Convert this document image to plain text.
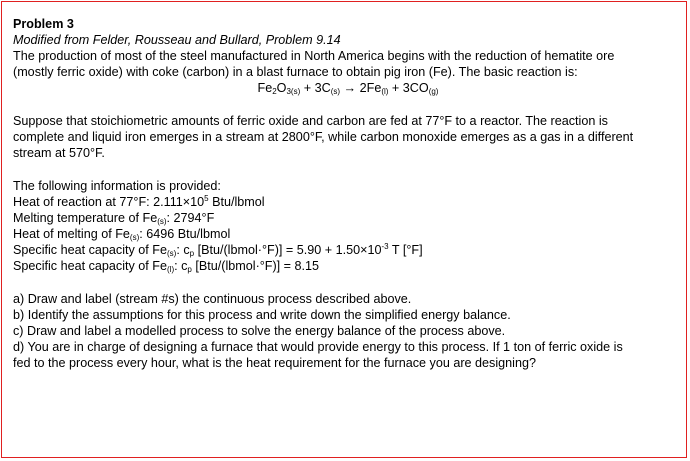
Problem 3

Modified from Felder, Rousseau and Bullard, Problem 9.14

The production of most of the steel manufactured in North America begins with the reduction of hematite ore

(mostly ferric oxide) with coke (carbon) in a blast furnace to obtain pig iron (Fe). The basic reaction is:

$Fe_2O_{3(s)} + 3C_{(s)} \to 2Fe_{(l)} + 3CO_{(g)}$

Suppose that stoichiometric amounts of ferric oxide and carbon are fed at 77°F to a reactor. The reaction is

complete and liquid iron emerges in a stream at 2800°F, while carbon monoxide emerges as a gas in a different

stream at 570°F.

The following information is provided:

Heat of reaction at 77°F: $2.111\times 10^5$ Btu/lbmol

Melting temperature of $Fe_{(s)}$: 2794°F

Heat of melting of $Fe_{(s)}$: 6496 Btu/lbmol

Specific heat capacity of $Fe_{(s)}$: $c_p$ [Btu/(lbmol·°F)] = $5.90 + 1.50\times 10^{-3}$ T [°F]

Specific heat capacity of $Fe_{(l)}$: $c_p$ [Btu/(lbmol·°F)] = 8.15

a) Draw and label (stream #s) the continuous process described above.

b) Identify the assumptions for this process and write down the simplified energy balance.

c) Draw and label a modelled process to solve the energy balance of the process above.

d) You are in charge of designing a furnace that would provide energy to this process. If 1 ton of ferric oxide is

fed to the process every hour, what is the heat requirement for the furnace you are designing?
